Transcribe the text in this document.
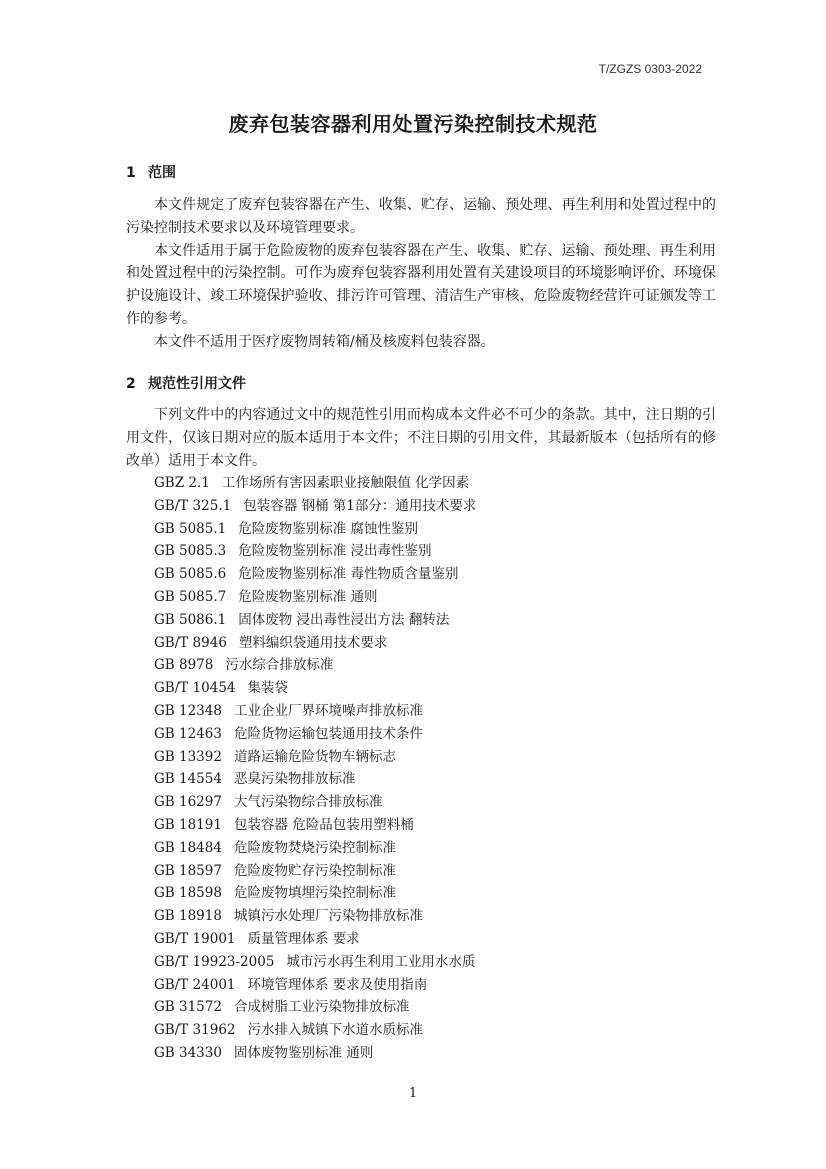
T/ZGZS 0303-2022

废弃包装容器利用处置污染控制技术规范
1 范围

本文件规定了废弃包装容器在产生、收集、贮存、运输、预处理、再生利用和处置过程中的污染控制技术要求以及环境管理要求。

本文件适用于属于危险废物的废弃包装容器在产生、收集、贮存、运输、预处理、再生利用和处置过程中的污染控制。可作为废弃包装容器利用处置有关建设项目的环境影响评价、环境保护设施设计、竣工环境保护验收、排污许可管理、清洁生产审核、危险废物经营许可证颁发等工作的参考。

本文件不适用于医疗废物周转箱/桶及核废料包装容器。

2 规范性引用文件

下列文件中的内容通过文中的规范性引用而构成本文件必不可少的条款。其中，注日期的引用文件，仅该日期对应的版本适用于本文件；不注日期的引用文件，其最新版本（包括所有的修改单）适用于本文件。

GBZ 2.1 工作场所有害因素职业接触限值 化学因素
GB/T 325.1 包装容器 钢桶 第1部分：通用技术要求
GB 5085.1 危险废物鉴别标准 腐蚀性鉴别
GB 5085.3 危险废物鉴别标准 浸出毒性鉴别
GB 5085.6 危险废物鉴别标准 毒性物质含量鉴别
GB 5085.7 危险废物鉴别标准 通则
GB 5086.1 固体废物 浸出毒性浸出方法 翻转法
GB/T 8946 塑料编织袋通用技术要求
GB 8978 污水综合排放标准
GB/T 10454 集装袋
GB 12348 工业企业厂界环境噪声排放标准
GB 12463 危险货物运输包装通用技术条件
GB 13392 道路运输危险货物车辆标志
GB 14554 恶臭污染物排放标准
GB 16297 大气污染物综合排放标准
GB 18191 包装容器 危险品包装用塑料桶
GB 18484 危险废物焚烧污染控制标准
GB 18597 危险废物贮存污染控制标准
GB 18598 危险废物填埋污染控制标准
GB 18918 城镇污水处理厂污染物排放标准
GB/T 19001 质量管理体系 要求
GB/T 19923-2005 城市污水再生利用工业用水水质
GB/T 24001 环境管理体系 要求及使用指南
GB 31572 合成树脂工业污染物排放标准
GB/T 31962 污水排入城镇下水道水质标准
GB 34330 固体废物鉴别标准 通则

1
